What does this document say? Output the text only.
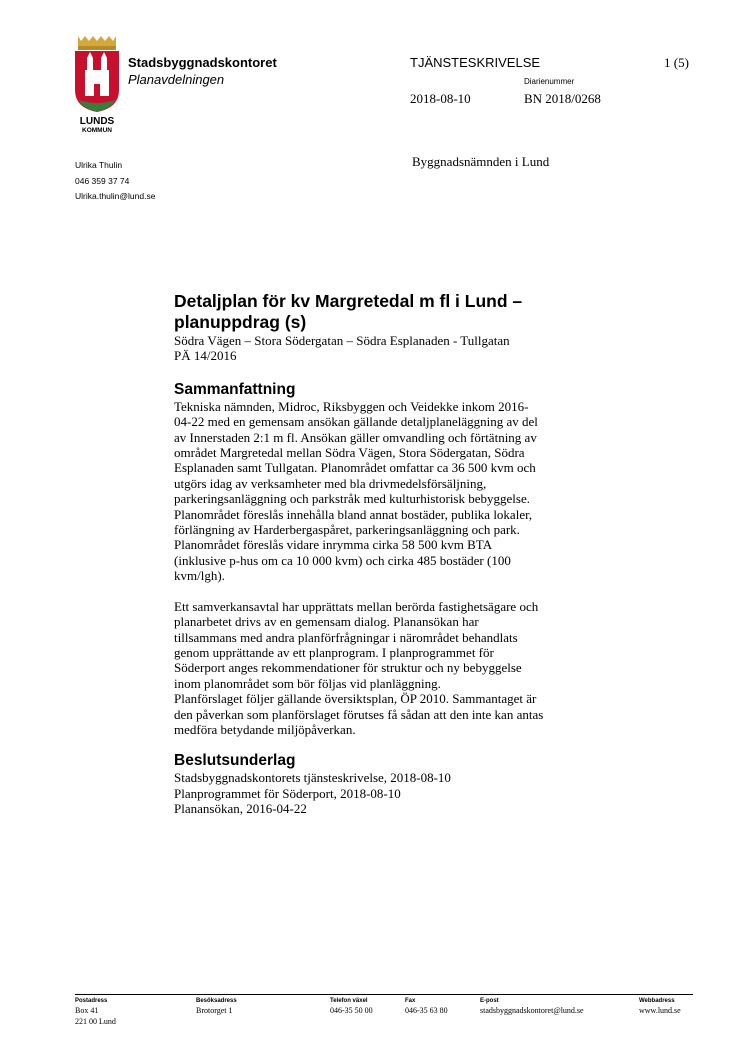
LUNDS
KOMMUN
Stadsbyggnadskontoret
Planavdelningen
TJÄNSTESKRIVELSE	1 (5)
Diarienummer
2018-08-10	BN 2018/0268
Ulrika Thulin
046 359 37 74
Ulrika.thulin@lund.se
Byggnadsnämnden i Lund
Detaljplan för kv Margretedal m fl i Lund –
planuppdrag (s)
Södra Vägen – Stora Södergatan – Södra Esplanaden - Tullgatan
PÄ 14/2016
Sammanfattning
Tekniska nämnden, Midroc, Riksbyggen och Veidekke inkom 2016-
04-22 med en gemensam ansökan gällande detaljplaneläggning av del
av Innerstaden 2:1 m fl. Ansökan gäller omvandling och förtätning av
området Margretedal mellan Södra Vägen, Stora Södergatan, Södra
Esplanaden samt Tullgatan. Planområdet omfattar ca 36 500 kvm och
utgörs idag av verksamheter med bla drivmedelsförsäljning,
parkeringsanläggning och parkstråk med kulturhistorisk bebyggelse.
Planområdet föreslås innehålla bland annat bostäder, publika lokaler,
förlängning av Harderbergaspåret, parkeringsanläggning och park.
Planområdet föreslås vidare inrymma cirka 58 500 kvm BTA
(inklusive p-hus om ca 10 000 kvm) och cirka 485 bostäder (100
kvm/lgh).
Ett samverkansavtal har upprättats mellan berörda fastighetsägare och
planarbetet drivs av en gemensam dialog. Planansökan har
tillsammans med andra planförfrågningar i närområdet behandlats
genom upprättande av ett planprogram. I planprogrammet för
Söderport anges rekommendationer för struktur och ny bebyggelse
inom planområdet som bör följas vid planläggning.
Planförslaget följer gällande översiktsplan, ÖP 2010. Sammantaget är
den påverkan som planförslaget förutses få sådan att den inte kan antas
medföra betydande miljöpåverkan.
Beslutsunderlag
Stadsbyggnadskontorets tjänsteskrivelse, 2018-08-10
Planprogrammet för Söderport, 2018-08-10
Planansökan, 2016-04-22
Postadress
Box 41
221 00 Lund
Besöksadress
Brotorget 1
Telefon växel
046-35 50 00
Fax
046-35 63 80
E-post
stadsbyggnadskontoret@lund.se
Webbadress
www.lund.se
